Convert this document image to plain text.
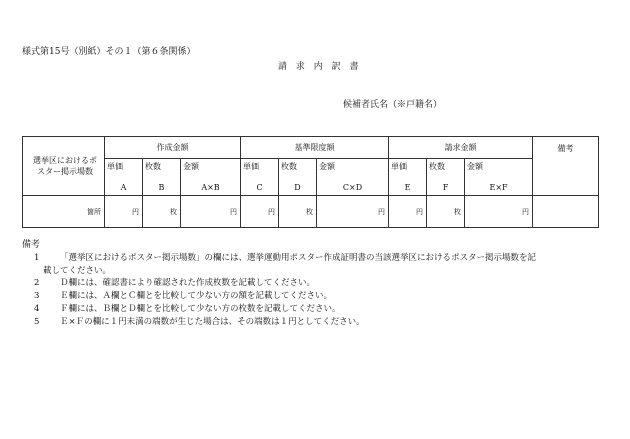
様式第15号（別紙）その１（第６条関係）
請 求 内 訳 書
候補者氏名（※戸籍名）
選挙区におけるポ
スター掲示場数	作成金額			基準限度額			請求金額			備考
	単価	枚数	金額	単価	枚数	金額	単価	枚数	金額	
	A	B	A×B	C	D	C×D	E	F	E×F	
箇所	円	枚	円	円	枚	円	円	枚	円	
備考
1 「選挙区におけるポスター掲示場数」の欄には、選挙運動用ポスター作成証明書の当該選挙区におけるポスター掲示場数を記
載してください。
2 Ｄ欄には、確認書により確認された作成枚数を記載してください。
3 Ｅ欄には、Ａ欄とＣ欄とを比較して少ない方の額を記載してください。
4 Ｆ欄には、Ｂ欄とＤ欄とを比較して少ない方の枚数を記載してください。
5 Ｅ×Ｆの欄に１円未満の端数が生じた場合は、その端数は１円としてください。
